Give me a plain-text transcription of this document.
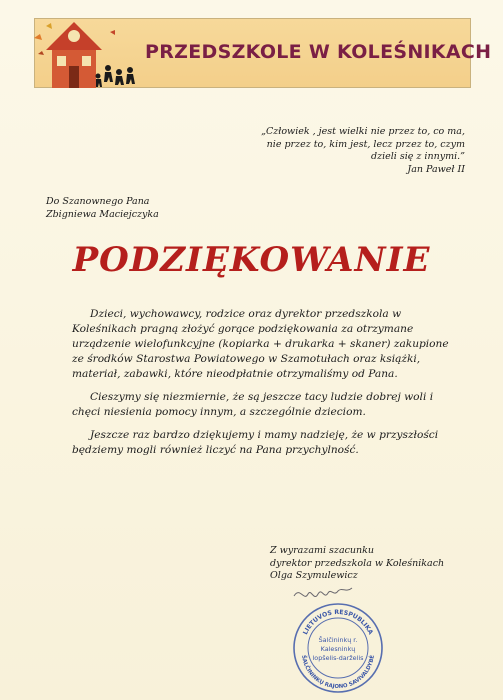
PRZEDSZKOLE W KOLEŚNIKACH
„Człowiek , jest wielki nie przez to, co ma,
nie przez to, kim jest, lecz przez to, czym
dzieli się z innymi.”
Jan Paweł II
Do Szanownego Pana
Zbigniewa Maciejczyka
PODZIĘKOWANIE

Dzieci, wychowawcy, rodzice oraz dyrektor przedszkola w Koleśnikach pragną złożyć gorące podziękowania za otrzymane urządzenie wielofunkcyjne (kopiarka + drukarka + skaner) zakupione ze środków Starostwa Powiatowego w Szamotułach oraz książki, materiał, zabawki, które nieodpłatnie otrzymaliśmy od Pana.

Cieszymy się niezmiernie, że są jeszcze tacy ludzie dobrej woli i chęci niesienia pomocy innym, a szczególnie dzieciom.

Jeszcze raz bardzo dziękujemy i mamy nadzieję, że w przyszłości będziemy mogli również liczyć na Pana przychylność.

Z wyrazami szacunku
dyrektor przedszkola w Koleśnikach
Olga Szymulewicz
LIETUVOS RESPUBLIKA
ŠALČININKŲ RAJONO SAVIVALDYBĖ
Šalčininkų r.
Kalesninkų
lopšelis-darželis
